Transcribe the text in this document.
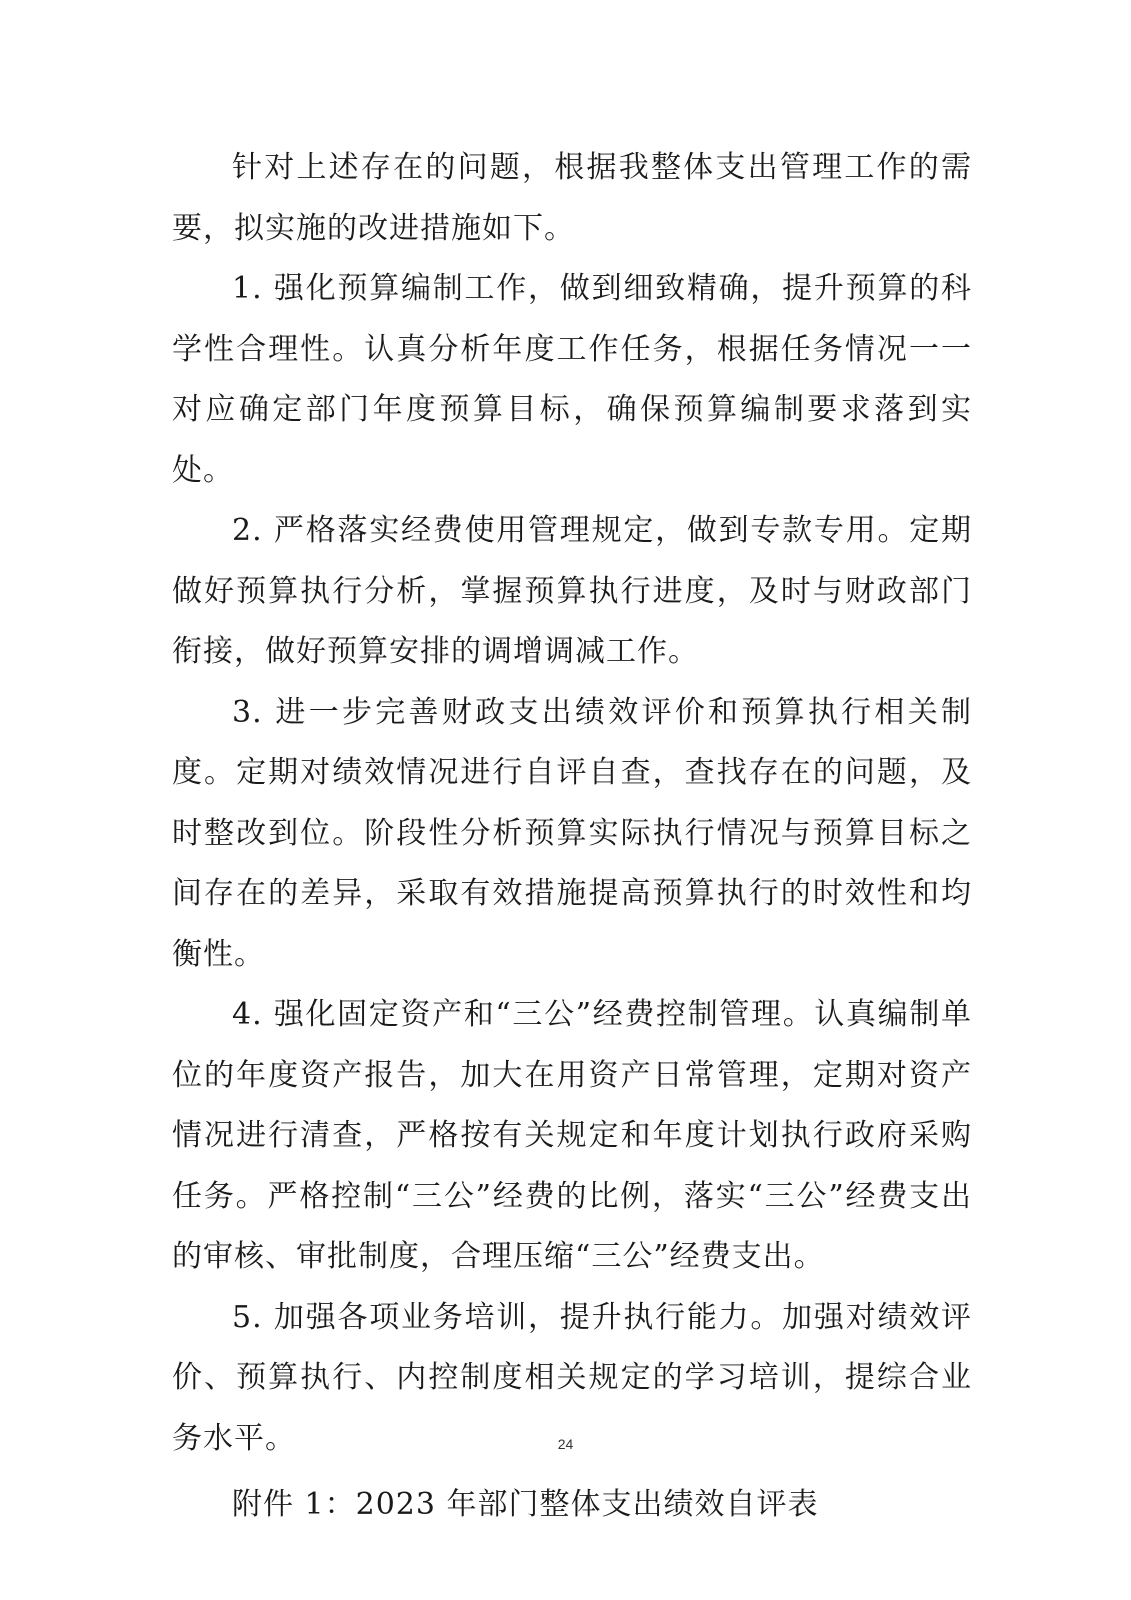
针对上述存在的问题，根据我整体支出管理工作的需要，拟实施的改进措施如下。

1. 强化预算编制工作，做到细致精确，提升预算的科学性合理性。认真分析年度工作任务，根据任务情况一一对应确定部门年度预算目标，确保预算编制要求落到实处。

2. 严格落实经费使用管理规定，做到专款专用。定期做好预算执行分析，掌握预算执行进度，及时与财政部门衔接，做好预算安排的调增调减工作。

3. 进一步完善财政支出绩效评价和预算执行相关制度。定期对绩效情况进行自评自查，查找存在的问题，及时整改到位。阶段性分析预算实际执行情况与预算目标之间存在的差异，采取有效措施提高预算执行的时效性和均衡性。

4. 强化固定资产和“三公”经费控制管理。认真编制单位的年度资产报告，加大在用资产日常管理，定期对资产情况进行清查，严格按有关规定和年度计划执行政府采购任务。严格控制“三公”经费的比例，落实“三公”经费支出的审核、审批制度，合理压缩“三公”经费支出。

5. 加强各项业务培训，提升执行能力。加强对绩效评价、预算执行、内控制度相关规定的学习培训，提综合业务水平。

附件 1：2023 年部门整体支出绩效自评表

24
